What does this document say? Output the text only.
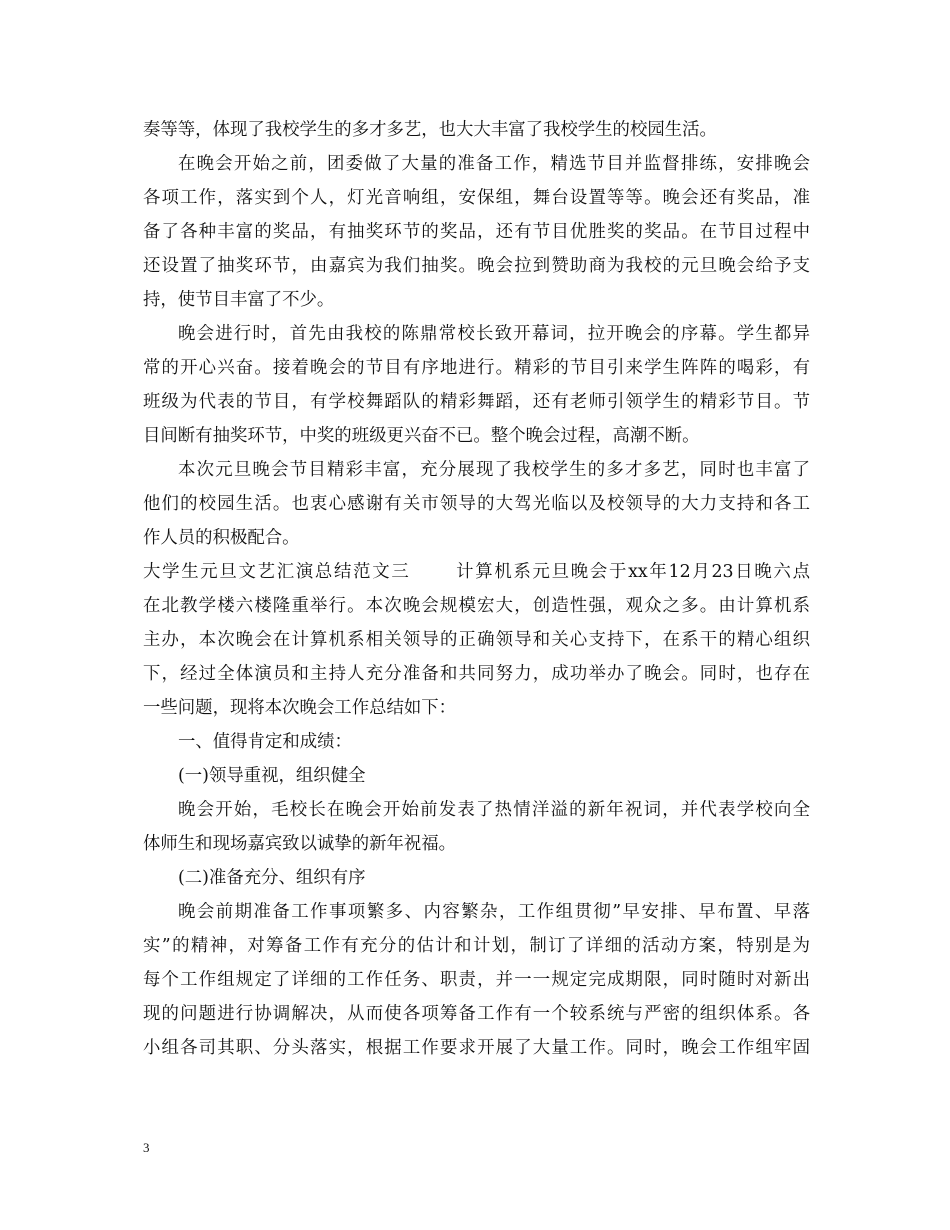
奏等等，体现了我校学生的多才多艺，也大大丰富了我校学生的校园生活。
在晚会开始之前，团委做了大量的准备工作，精选节目并监督排练，安排晚会
各项工作，落实到个人，灯光音响组，安保组，舞台设置等等。晚会还有奖品，准
备了各种丰富的奖品，有抽奖环节的奖品，还有节目优胜奖的奖品。在节目过程中
还设置了抽奖环节，由嘉宾为我们抽奖。晚会拉到赞助商为我校的元旦晚会给予支
持，使节目丰富了不少。
晚会进行时，首先由我校的陈鼎常校长致开幕词，拉开晚会的序幕。学生都异
常的开心兴奋。接着晚会的节目有序地进行。精彩的节目引来学生阵阵的喝彩，有
班级为代表的节目，有学校舞蹈队的精彩舞蹈，还有老师引领学生的精彩节目。节
目间断有抽奖环节，中奖的班级更兴奋不已。整个晚会过程，高潮不断。
本次元旦晚会节目精彩丰富，充分展现了我校学生的多才多艺，同时也丰富了
他们的校园生活。也衷心感谢有关市领导的大驾光临以及校领导的大力支持和各工
作人员的积极配合。
大学生元旦文艺汇演总结范文三	计算机系元旦晚会于xx年12月23日晚六点
在北教学楼六楼隆重举行。本次晚会规模宏大，创造性强，观众之多。由计算机系
主办，本次晚会在计算机系相关领导的正确领导和关心支持下，在系干的精心组织
下，经过全体演员和主持人充分准备和共同努力，成功举办了晚会。同时，也存在
一些问题，现将本次晚会工作总结如下：
一、值得肯定和成绩：
(一)领导重视，组织健全
晚会开始，毛校长在晚会开始前发表了热情洋溢的新年祝词，并代表学校向全
体师生和现场嘉宾致以诚挚的新年祝福。
(二)准备充分、组织有序
晚会前期准备工作事项繁多、内容繁杂，工作组贯彻”早安排、早布置、早落
实”的精神，对筹备工作有充分的估计和计划，制订了详细的活动方案，特别是为
每个工作组规定了详细的工作任务、职责，并一一规定完成期限，同时随时对新出
现的问题进行协调解决，从而使各项筹备工作有一个较系统与严密的组织体系。各
小组各司其职、分头落实，根据工作要求开展了大量工作。同时，晚会工作组牢固
3
